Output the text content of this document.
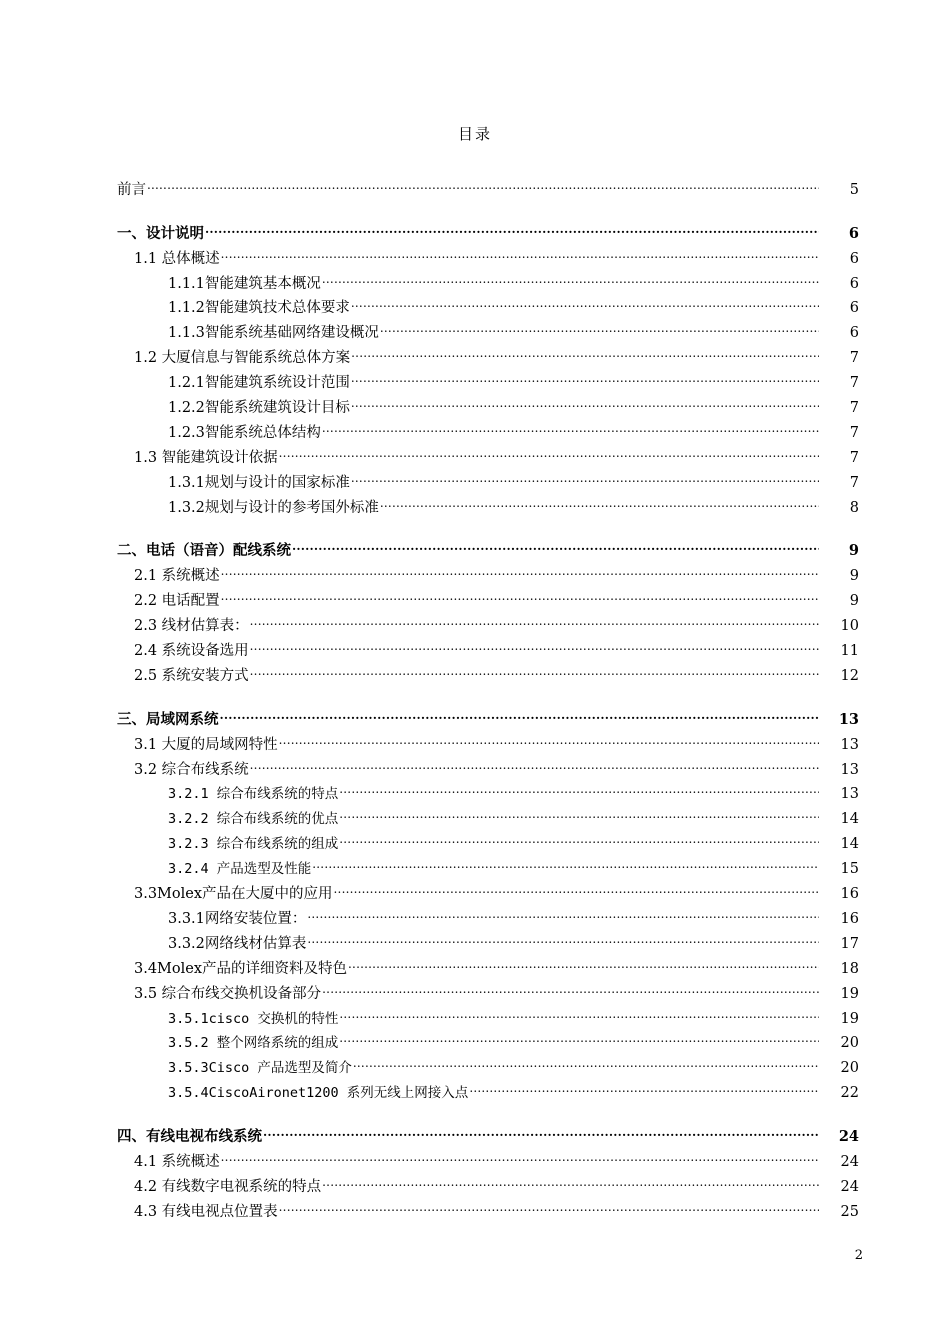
目录
前言 .....	5
一、设计说明 .....	6
1.1 总体概述 .....	6
1.1.1智能建筑基本概况 .....	6
1.1.2智能建筑技术总体要求 .....	6
1.1.3智能系统基础网络建设概况 .....	6
1.2 大厦信息与智能系统总体方案 .....	7
1.2.1智能建筑系统设计范围 .....	7
1.2.2智能系统建筑设计目标 .....	7
1.2.3智能系统总体结构 .....	7
1.3 智能建筑设计依据 .....	7
1.3.1规划与设计的国家标准 .....	7
1.3.2规划与设计的参考国外标准 .....	8
二、电话（语音）配线系统 .....	9
2.1 系统概述 .....	9
2.2 电话配置 .....	9
2.3 线材估算表： .....	10
2.4 系统设备选用 .....	11
2.5 系统安装方式 .....	12
三、局域网系统 .....	13
3.1 大厦的局域网特性 .....	13
3.2 综合布线系统 .....	13
3.2.1 综合布线系统的特点 .....	13
3.2.2 综合布线系统的优点 .....	14
3.2.3 综合布线系统的组成 .....	14
3.2.4 产品选型及性能 .....	15
3.3Molex产品在大厦中的应用 .....	16
3.3.1网络安装位置： .....	16
3.3.2网络线材估算表 .....	17
3.4Molex产品的详细资料及特色 .....	18
3.5 综合布线交换机设备部分 .....	19
3.5.1cisco 交换机的特性 .....	19
3.5.2 整个网络系统的组成 .....	20
3.5.3Cisco 产品选型及简介 .....	20
3.5.4CiscoAironet1200 系列无线上网接入点 .....	22
四、有线电视布线系统 .....	24
4.1 系统概述 .....	24
4.2 有线数字电视系统的特点 .....	24
4.3 有线电视点位置表 .....	25
2
